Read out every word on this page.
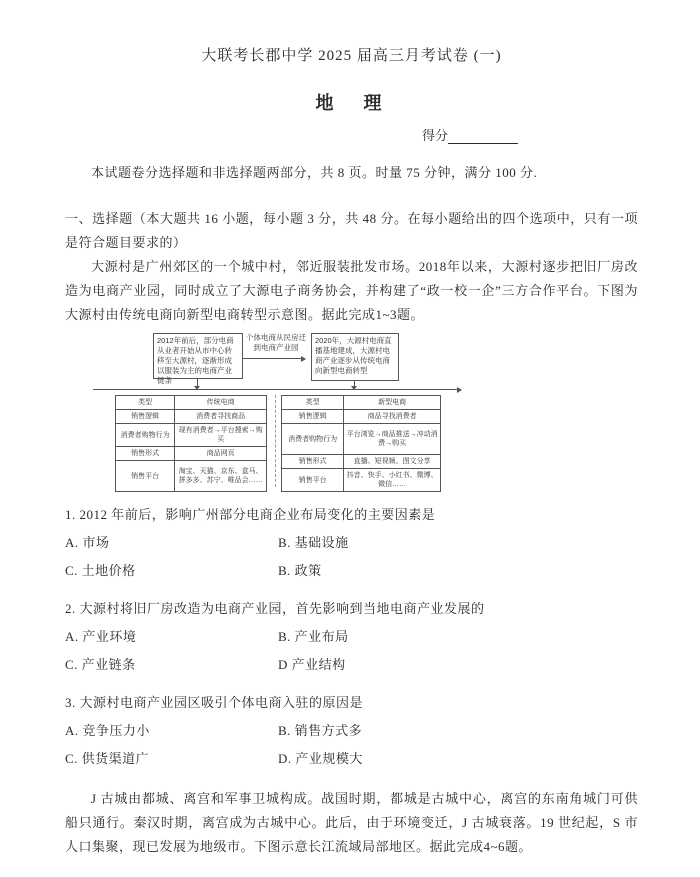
大联考长郡中学 2025 届高三月考试卷 (一)
地　理
得分
本试题卷分选择题和非选择题两部分，共 8 页。时量 75 分钟，满分 100 分.
一、选择题（本大题共 16 小题，每小题 3 分，共 48 分。在每小题给出的四个选项中，只有一项是符合题目要求的）

大源村是广州郊区的一个城中村，邻近服装批发市场。2018年以来，大源村逐步把旧厂房改造为电商产业园，同时成立了大源电子商务协会，并构建了“政一校一企”三方合作平台。下图为大源村由传统电商向新型电商转型示意图。据此完成1~3题。

2012年前后，部分电商从业者开始从市中心转移至大源村，逐渐形成以服装为主的电商产业链条
个体电商从民房迁到电商产业园
2020年，大源村电商直播基地建成，大源村电商产业逐步从传统电商向新型电商转型
类型	传统电商
销售逻辑	消费者寻找商品
消费者购物行为	现有消费者→平台搜索→购买
销售形式	商品网页
销售平台	淘宝、天猫、京东、盒马、拼多多、苏宁、唯品会……
类型	新型电商
销售逻辑	商品寻找消费者
消费者购物行为	平台浏览→商品推送→冲动消费→购买
销售形式	直播、短视频、图文分享
销售平台	抖音、快手、小红书、微博、微信……

1. 2012 年前后，影响广州部分电商企业布局变化的主要因素是

A. 市场	B. 基础设施
C. 土地价格	B. 政策

2. 大源村将旧厂房改造为电商产业园，首先影响到当地电商产业发展的

A. 产业环境	B. 产业布局
C. 产业链条	D 产业结构

3. 大源村电商产业园区吸引个体电商入驻的原因是

A. 竞争压力小	B. 销售方式多
C. 供货渠道广	D. 产业规模大

J 古城由都城、离宫和军事卫城构成。战国时期，都城是古城中心，离宫的东南角城门可供船只通行。秦汉时期，离宫成为古城中心。此后，由于环境变迁，J 古城衰落。19 世纪起，S 市人口集聚，现已发展为地级市。下图示意长江流域局部地区。据此完成4~6题。
